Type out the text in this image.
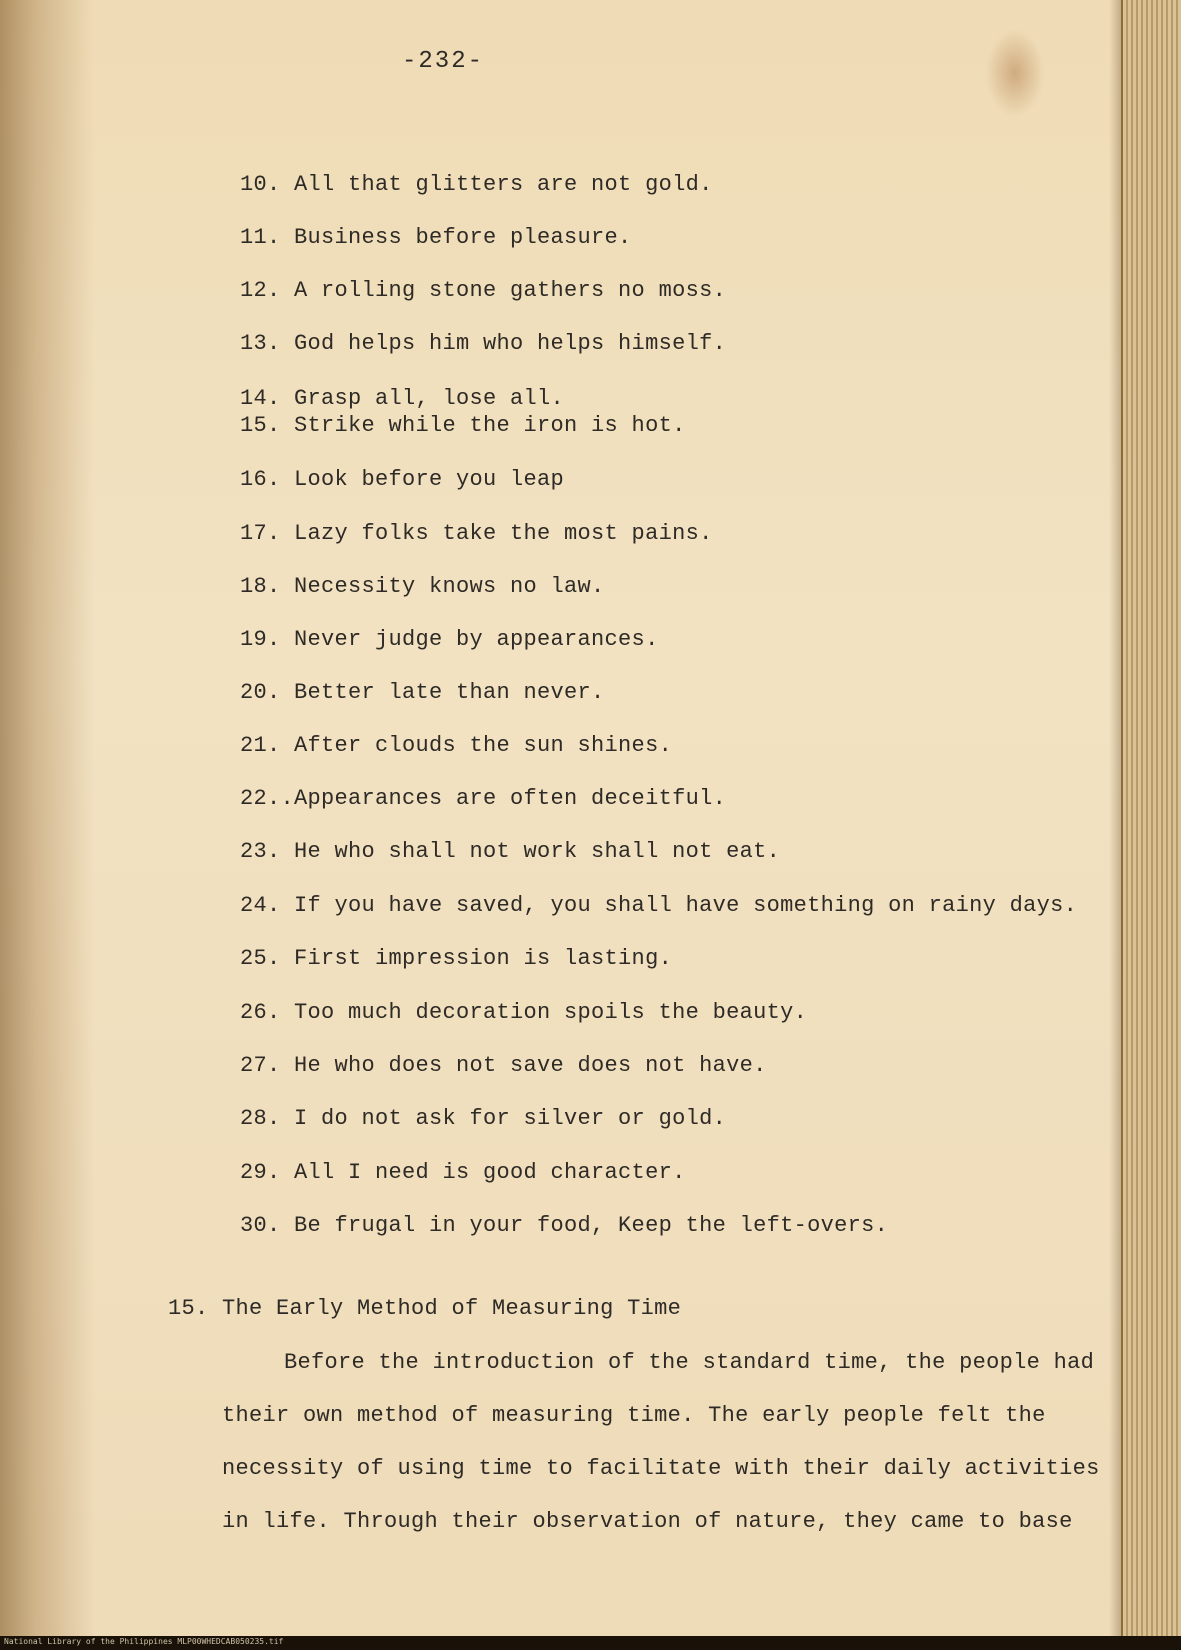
-232-
10. All that glitters are not gold.
11. Business before pleasure.
12. A rolling stone gathers no moss.
13. God helps him who helps himself.
14. Grasp all, lose all.
15. Strike while the iron is hot.
16. Look before you leap
17. Lazy folks take the most pains.
18. Necessity knows no law.
19. Never judge by appearances.
20. Better late than never.
21. After clouds the sun shines.
22..Appearances are often deceitful.
23. He who shall not work shall not eat.
24. If you have saved, you shall have something on rainy days.
25. First impression is lasting.
26. Too much decoration spoils the beauty.
27. He who does not save does not have.
28. I do not ask for silver or gold.
29. All I need is good character.
30. Be frugal in your food, Keep the left-overs.
15. The Early Method of Measuring Time
Before the introduction of the standard time, the people had
their own method of measuring time. The early people felt the
necessity of using time to facilitate with their daily activities
in life. Through their observation of nature, they came to base
National Library of the Philippines MLP00WHEDCAB050235.tif
